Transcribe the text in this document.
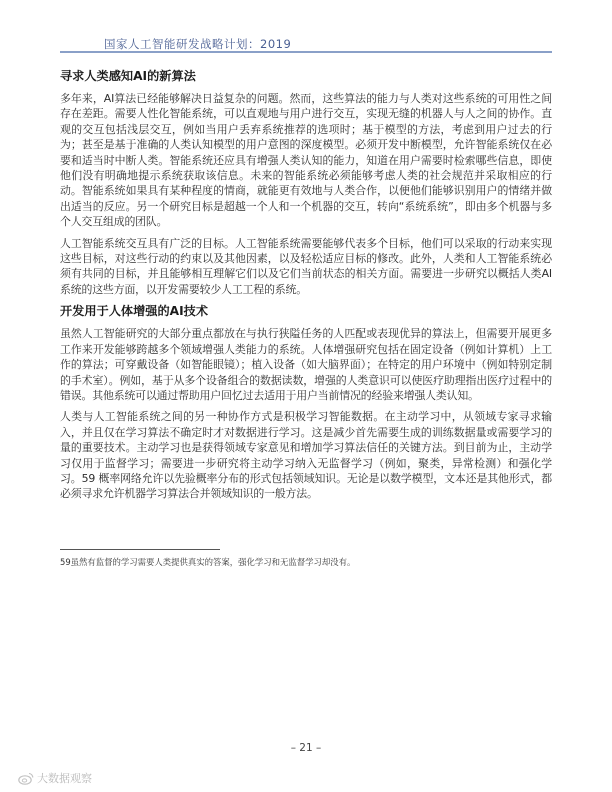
国家人工智能研发战略计划：2019
寻求人类感知AI的新算法

多年来，AI算法已经能够解决日益复杂的问题。然而，这些算法的能力与人类对这些系统的可用性之间存在差距。需要人性化智能系统，可以直观地与用户进行交互，实现无缝的机器人与人之间的协作。直观的交互包括浅层交互，例如当用户丢弃系统推荐的选项时；基于模型的方法，考虑到用户过去的行为；甚至是基于准确的人类认知模型的用户意图的深度模型。必须开发中断模型，允许智能系统仅在必要和适当时中断人类。智能系统还应具有增强人类认知的能力，知道在用户需要时检索哪些信息，即使他们没有明确地提示系统获取该信息。未来的智能系统必须能够考虑人类的社会规范并采取相应的行动。智能系统如果具有某种程度的情商，就能更有效地与人类合作，以便他们能够识别用户的情绪并做出适当的反应。另一个研究目标是超越一个人和一个机器的交互，转向“系统系统”，即由多个机器与多个人交互组成的团队。

人工智能系统交互具有广泛的目标。人工智能系统需要能够代表多个目标，他们可以采取的行动来实现这些目标，对这些行动的约束以及其他因素，以及轻松适应目标的修改。此外，人类和人工智能系统必须有共同的目标，并且能够相互理解它们以及它们当前状态的相关方面。需要进一步研究以概括人类AI系统的这些方面，以开发需要较少人工工程的系统。

开发用于人体增强的AI技术

虽然人工智能研究的大部分重点都放在与执行狭隘任务的人匹配或表现优异的算法上，但需要开展更多工作来开发能够跨越多个领域增强人类能力的系统。人体增强研究包括在固定设备（例如计算机）上工作的算法；可穿戴设备（如智能眼镜）；植入设备（如大脑界面）；在特定的用户环境中（例如特别定制的手术室）。例如，基于从多个设备组合的数据读数，增强的人类意识可以使医疗助理指出医疗过程中的错误。其他系统可以通过帮助用户回忆过去适用于用户当前情况的经验来增强人类认知。

人类与人工智能系统之间的另一种协作方式是积极学习智能数据。在主动学习中，从领域专家寻求输入，并且仅在学习算法不确定时才对数据进行学习。这是减少首先需要生成的训练数据量或需要学习的量的重要技术。主动学习也是获得领域专家意见和增加学习算法信任的关键方法。到目前为止，主动学习仅用于监督学习；需要进一步研究将主动学习纳入无监督学习（例如，聚类，异常检测）和强化学习。59 概率网络允许以先验概率分布的形式包括领域知识。无论是以数学模型，文本还是其他形式，都必须寻求允许机器学习算法合并领域知识的一般方法。

59虽然有监督的学习需要人类提供真实的答案，强化学习和无监督学习却没有。
– 21 –
大数据观察
